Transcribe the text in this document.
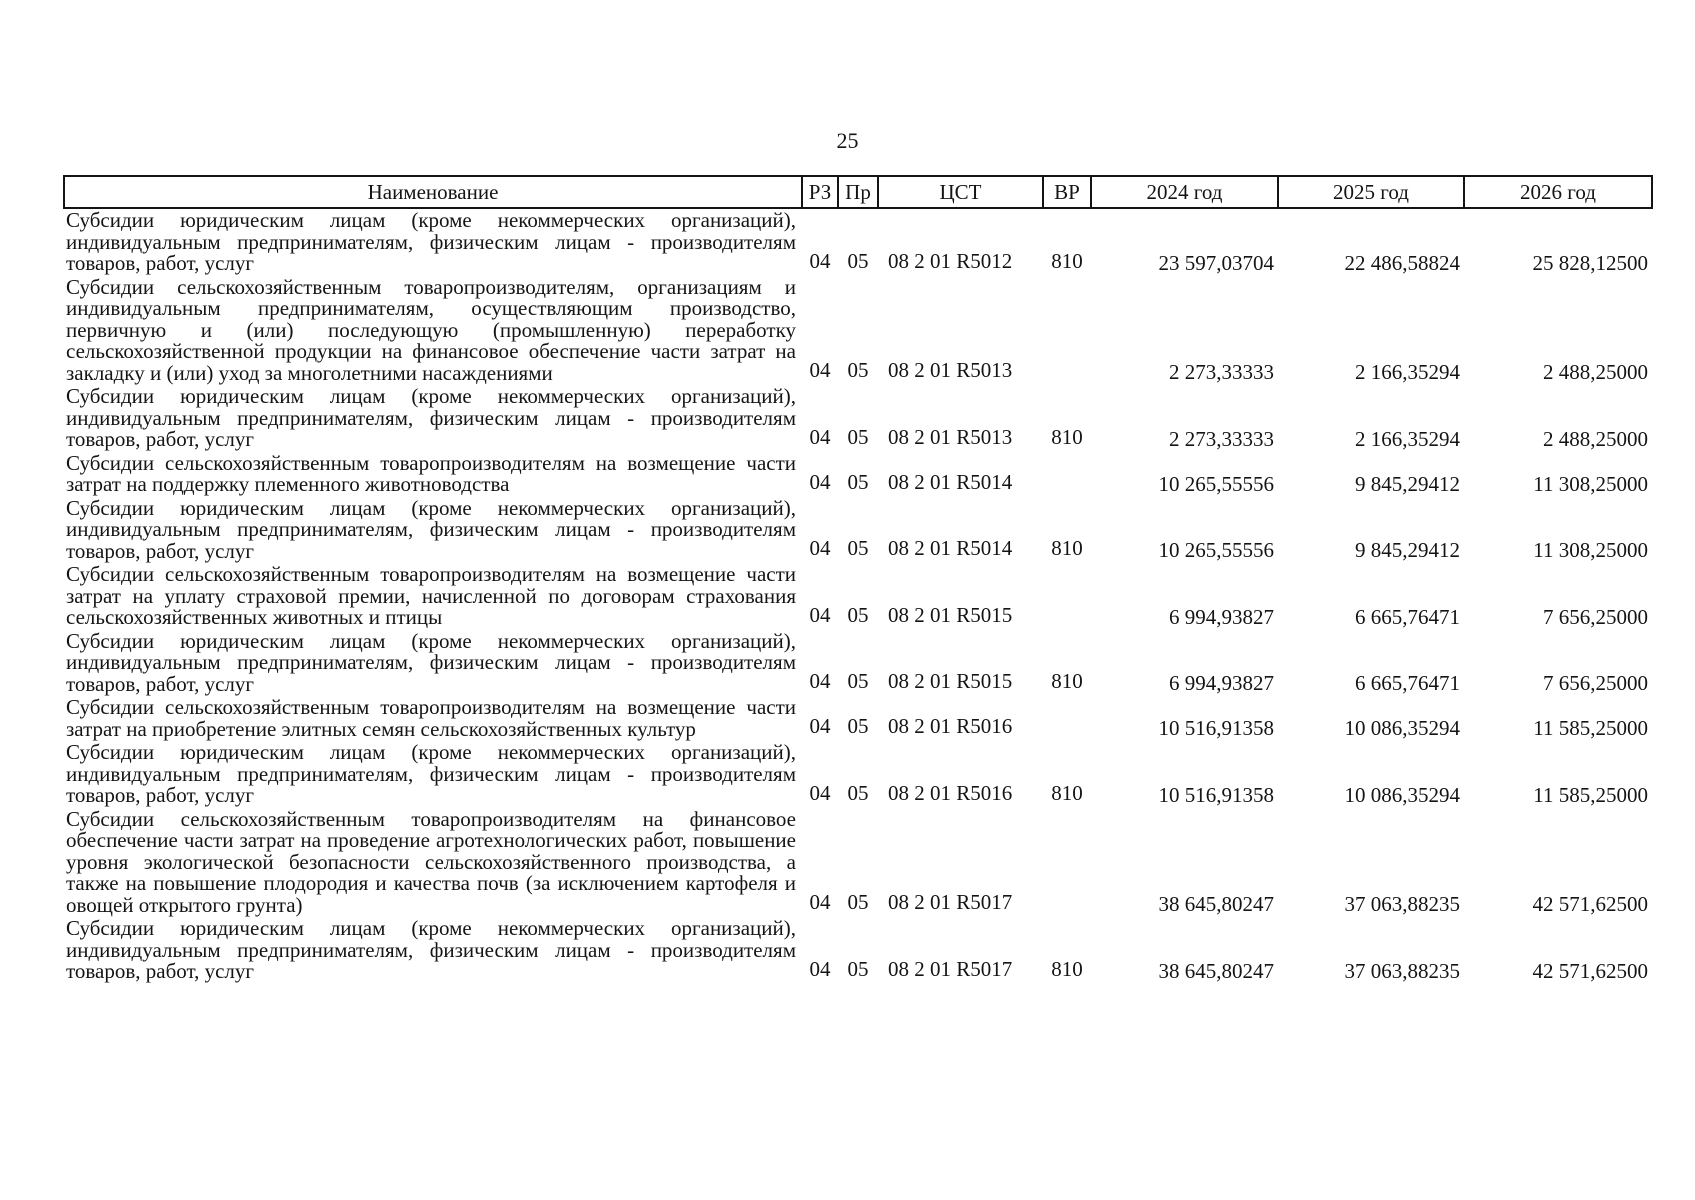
25
Наименование	РЗ	Пр	ЦСТ	ВР	2024 год	2025 год	2026 год
Субсидии юридическим лицам (кроме некоммерческих организаций), индивидуальным предпринимателям, физическим лицам - производителям товаров, работ, услуг	04	05	08 2 01 R5012	810	23 597,03704	22 486,58824	25 828,12500
Субсидии сельскохозяйственным товаропроизводителям, организациям и индивидуальным предпринимателям, осуществляющим производство, первичную и (или) последующую (промышленную) переработку сельскохозяйственной продукции на финансовое обеспечение части затрат на закладку и (или) уход за многолетними насаждениями	04	05	08 2 01 R5013		2 273,33333	2 166,35294	2 488,25000
Субсидии юридическим лицам (кроме некоммерческих организаций), индивидуальным предпринимателям, физическим лицам - производителям товаров, работ, услуг	04	05	08 2 01 R5013	810	2 273,33333	2 166,35294	2 488,25000
Субсидии сельскохозяйственным товаропроизводителям на возмещение части затрат на поддержку племенного животноводства	04	05	08 2 01 R5014		10 265,55556	9 845,29412	11 308,25000
Субсидии юридическим лицам (кроме некоммерческих организаций), индивидуальным предпринимателям, физическим лицам - производителям товаров, работ, услуг	04	05	08 2 01 R5014	810	10 265,55556	9 845,29412	11 308,25000
Субсидии сельскохозяйственным товаропроизводителям на возмещение части затрат на уплату страховой премии, начисленной по договорам страхования сельскохозяйственных животных и птицы	04	05	08 2 01 R5015		6 994,93827	6 665,76471	7 656,25000
Субсидии юридическим лицам (кроме некоммерческих организаций), индивидуальным предпринимателям, физическим лицам - производителям товаров, работ, услуг	04	05	08 2 01 R5015	810	6 994,93827	6 665,76471	7 656,25000
Субсидии сельскохозяйственным товаропроизводителям на возмещение части затрат на приобретение элитных семян сельскохозяйственных культур	04	05	08 2 01 R5016		10 516,91358	10 086,35294	11 585,25000
Субсидии юридическим лицам (кроме некоммерческих организаций), индивидуальным предпринимателям, физическим лицам - производителям товаров, работ, услуг	04	05	08 2 01 R5016	810	10 516,91358	10 086,35294	11 585,25000
Субсидии сельскохозяйственным товаропроизводителям на финансовое обеспечение части затрат на проведение агротехнологических работ, повышение уровня экологической безопасности сельскохозяйственного производства, а также на повышение плодородия и качества почв (за исключением картофеля и овощей открытого грунта)	04	05	08 2 01 R5017		38 645,80247	37 063,88235	42 571,62500
Субсидии юридическим лицам (кроме некоммерческих организаций), индивидуальным предпринимателям, физическим лицам - производителям товаров, работ, услуг	04	05	08 2 01 R5017	810	38 645,80247	37 063,88235	42 571,62500
